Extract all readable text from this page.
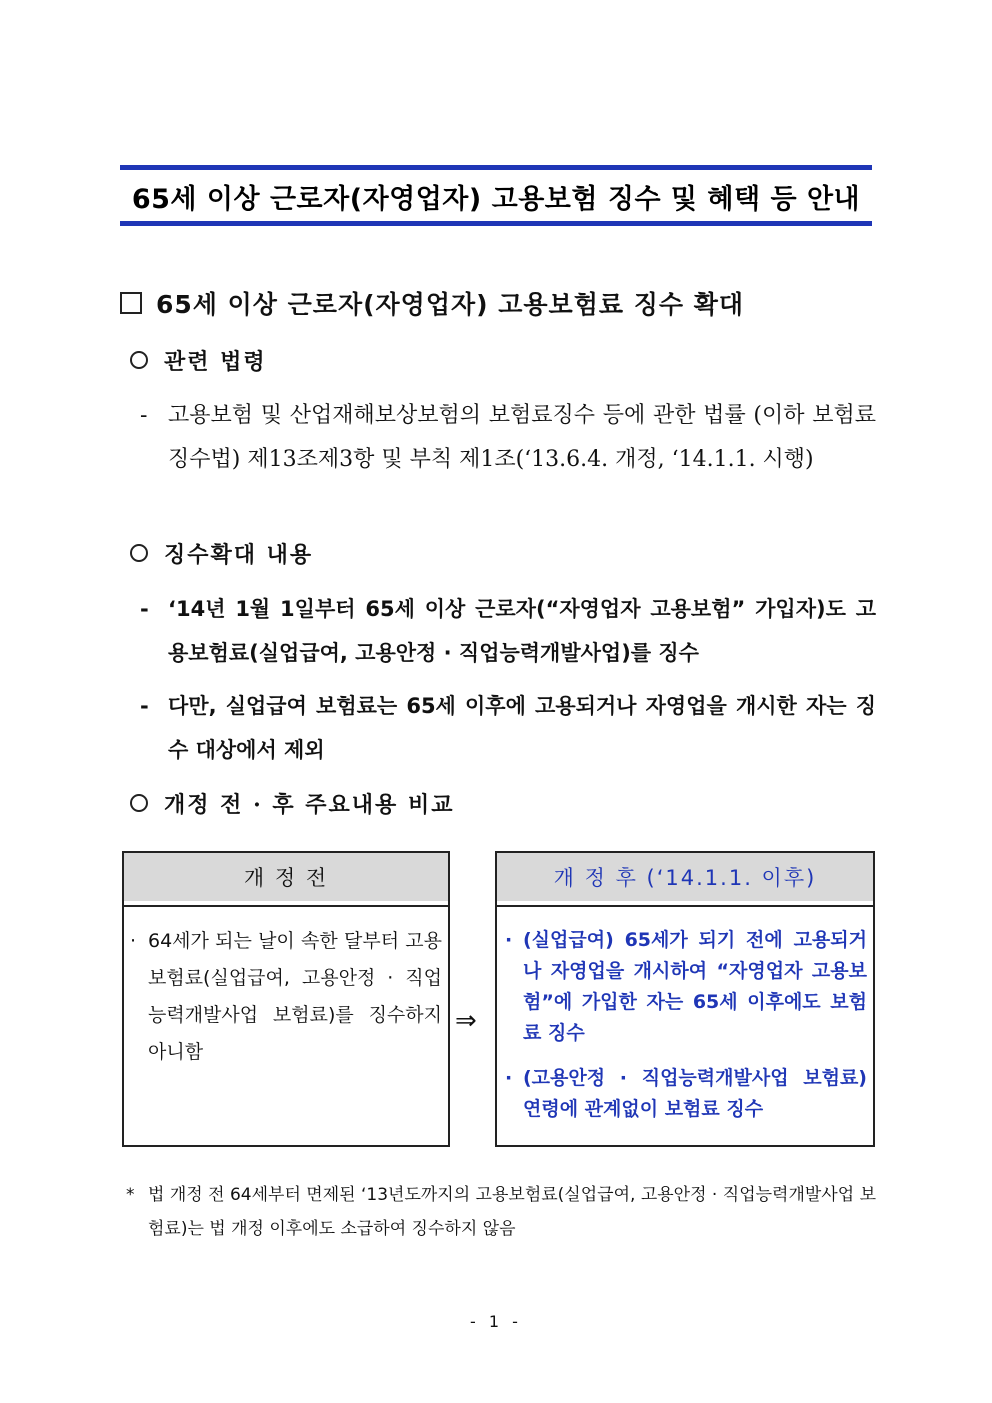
65세 이상 근로자(자영업자) 고용보험 징수 및 혜택 등 안내
65세 이상 근로자(자영업자) 고용보험료 징수 확대
관련 법령
- 고용보험 및 산업재해보상보험의 보험료징수 등에 관한 법률 (이하 보험료징수법) 제13조제3항 및 부칙 제1조(‘13.6.4. 개정, ‘14.1.1. 시행)
징수확대 내용
- ‘14년 1월 1일부터 65세 이상 근로자(“자영업자 고용보험” 가입자)도 고용보험료(실업급여, 고용안정 · 직업능력개발사업)를 징수
- 다만, 실업급여 보험료는 65세 이후에 고용되거나 자영업을 개시한 자는 징수 대상에서 제외
개정 전 · 후 주요내용 비교
개 정 전
· 64세가 되는 날이 속한 달부터 고용보험료(실업급여, 고용안정 · 직업능력개발사업 보험료)를 징수하지 아니함
⇒
개 정 후 (‘14.1.1. 이후)
· (실업급여) 65세가 되기 전에 고용되거나 자영업을 개시하여 “자영업자 고용보험”에 가입한 자는 65세 이후에도 보험료 징수
· (고용안정 · 직업능력개발사업 보험료) 연령에 관계없이 보험료 징수
* 법 개정 전 64세부터 면제된 ‘13년도까지의 고용보험료(실업급여, 고용안정 · 직업능력개발사업 보험료)는 법 개정 이후에도 소급하여 징수하지 않음
- 1 -
